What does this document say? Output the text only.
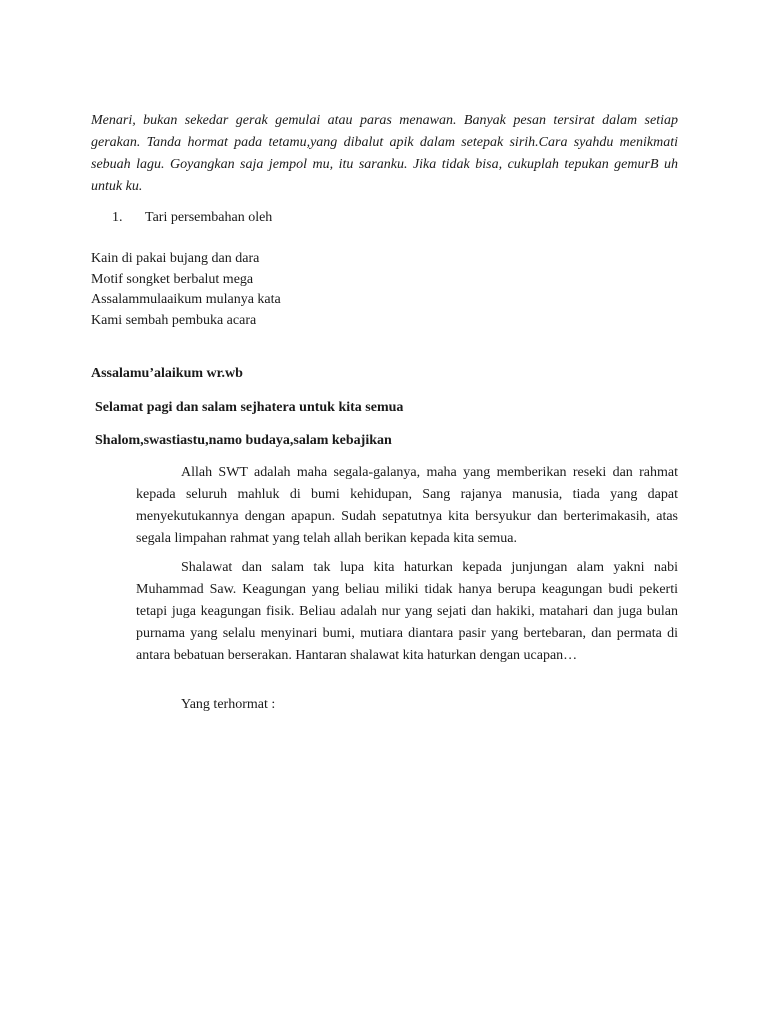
Menari, bukan sekedar gerak gemulai atau paras menawan. Banyak pesan tersirat dalam setiap gerakan. Tanda hormat pada tetamu,yang dibalut apik dalam setepak sirih.Cara syahdu menikmati sebuah lagu. Goyangkan saja jempol mu, itu saranku. Jika tidak bisa, cukuplah tepukan gemurB uh untuk ku.
1. Tari persembahan oleh
Kain di pakai bujang dan dara
Motif songket berbalut mega
Assalammulaaikum mulanya kata
Kami sembah pembuka acara
Assalamu’alaikum wr.wb
Selamat pagi dan salam sejhatera untuk kita semua
Shalom,swastiastu,namo budaya,salam kebajikan
Allah SWT adalah maha segala-galanya, maha yang memberikan reseki dan rahmat kepada seluruh mahluk di bumi kehidupan, Sang rajanya manusia, tiada yang dapat menyekutukannya dengan apapun. Sudah sepatutnya kita bersyukur dan berterimakasih, atas segala limpahan rahmat yang telah allah berikan kepada kita semua.
Shalawat dan salam tak lupa kita haturkan kepada junjungan alam yakni nabi Muhammad Saw. Keagungan yang beliau miliki tidak hanya berupa keagungan budi pekerti tetapi juga keagungan fisik. Beliau adalah nur yang sejati dan hakiki, matahari dan juga bulan purnama yang selalu menyinari bumi, mutiara diantara pasir yang bertebaran, dan permata di antara bebatuan berserakan. Hantaran shalawat kita haturkan dengan ucapan…
Yang terhormat :
